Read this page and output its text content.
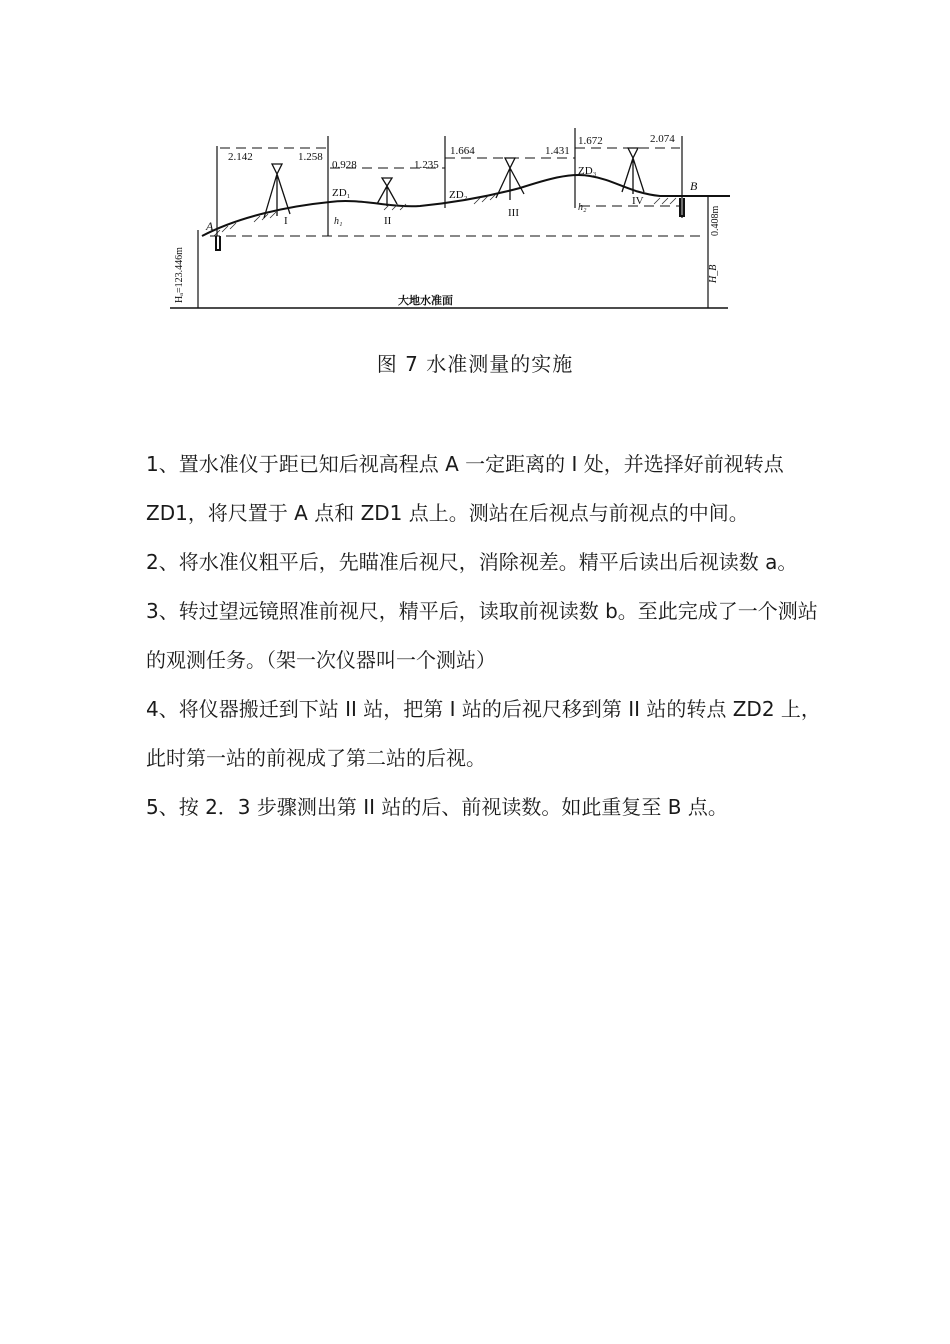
2.142	1.258
0.928	1.235
1.664	1.431
1.672	2.074
ZD₁	ZD₂
ZD₃
I	II
III
IV
h₁
h₂
A
B
Hₐ=123.446m
0.408m
H_B
大地水准面
图 7 水准测量的实施

1、置水准仪于距已知后视高程点 A 一定距离的 I 处，并选择好前视转点 ZD1，将尺置于 A 点和 ZD1 点上。测站在后视点与前视点的中间。

2、将水准仪粗平后，先瞄准后视尺，消除视差。精平后读出后视读数 a。

3、转过望远镜照准前视尺，精平后，读取前视读数 b。至此完成了一个测站的观测任务。（架一次仪器叫一个测站）

4、将仪器搬迁到下站 II 站，把第 I 站的后视尺移到第 II 站的转点 ZD2 上，此时第一站的前视成了第二站的后视。

5、按 2．3 步骤测出第 II 站的后、前视读数。如此重复至 B 点。
